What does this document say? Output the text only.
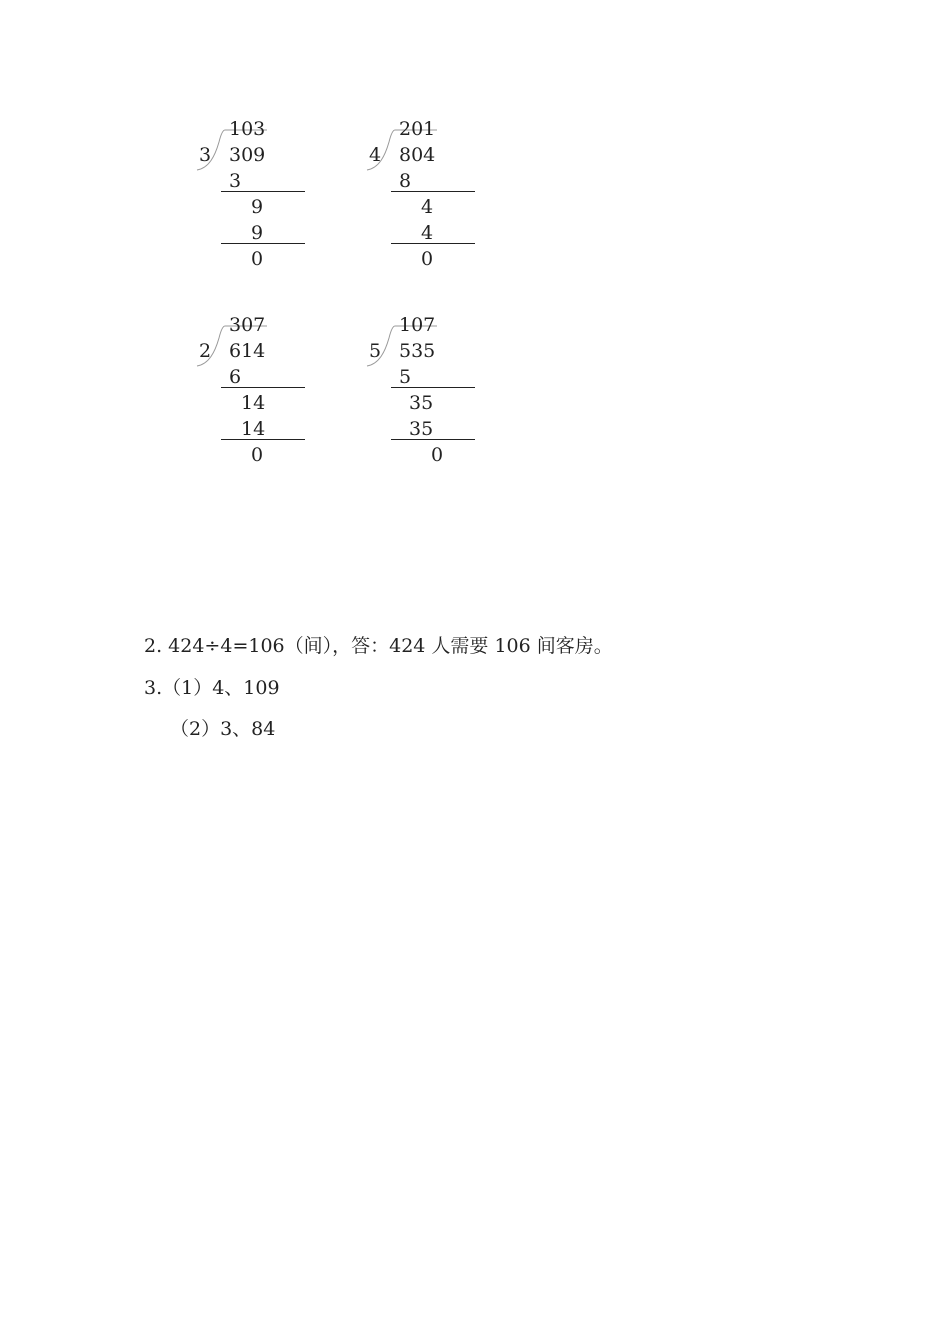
103
3 309
3
9
9
0
201
4 804
8
4
4
0
307
2 614
6
14
14
0
107
5 535
5
35
35
0
2. 424÷4=106（间），答：424 人需要 106 间客房。
3.（1）4、109
（2）3、84
